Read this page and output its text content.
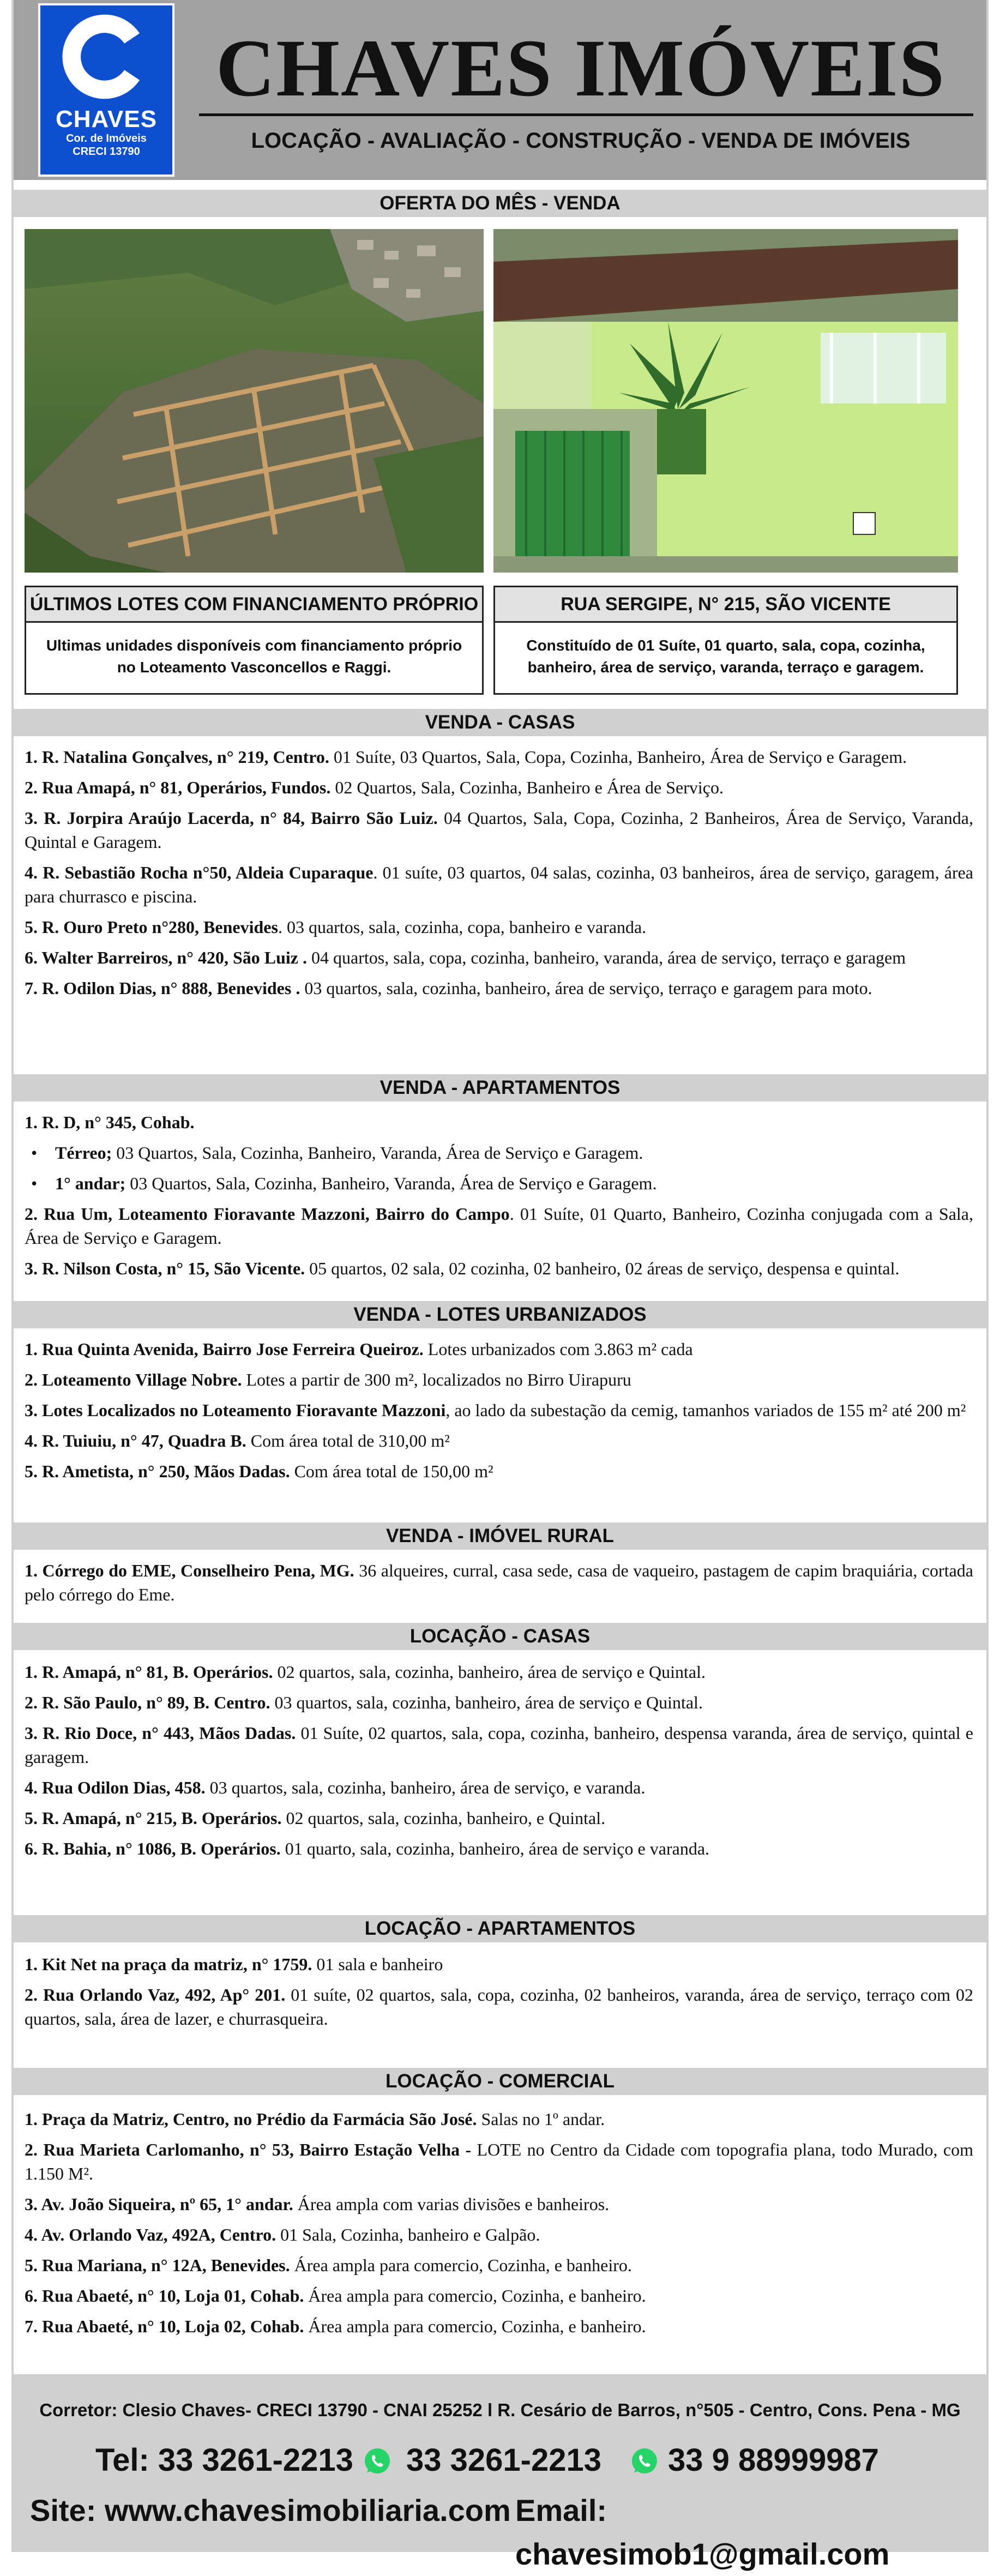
CHAVES
Cor. de Imóveis
CRECI 13790
CHAVES IMÓVEIS
LOCAÇÃO - AVALIAÇÃO - CONSTRUÇÃO - VENDA DE IMÓVEIS
OFERTA DO MÊS - VENDA
ÚLTIMOS LOTES COM FINANCIAMENTO PRÓPRIO
Ultimas unidades disponíveis com financiamento próprio no Loteamento Vasconcellos e Raggi.
RUA SERGIPE, N° 215, SÃO VICENTE
Constituído de 01 Suíte, 01 quarto, sala, copa, cozinha, banheiro, área de serviço, varanda, terraço e garagem.
VENDA - CASAS
1. R. Natalina Gonçalves, n° 219, Centro. 01 Suíte, 03 Quartos, Sala, Copa, Cozinha, Banheiro, Área de Serviço e Garagem.
2. Rua Amapá, n° 81, Operários, Fundos. 02 Quartos, Sala, Cozinha, Banheiro e Área de Serviço.
3. R. Jorpira Araújo Lacerda, n° 84, Bairro São Luiz. 04 Quartos, Sala, Copa, Cozinha, 2 Banheiros, Área de Serviço, Varanda, Quintal e Garagem.
4. R. Sebastião Rocha n°50, Aldeia Cuparaque. 01 suíte, 03 quartos, 04 salas, cozinha, 03 banheiros, área de serviço, garagem, área para churrasco e piscina.
5. R. Ouro Preto n°280, Benevides. 03 quartos, sala, cozinha, copa, banheiro e varanda.
6. Walter Barreiros, n° 420, São Luiz . 04 quartos, sala, copa, cozinha, banheiro, varanda, área de serviço, terraço e garagem
7. R. Odilon Dias, n° 888, Benevides . 03 quartos, sala, cozinha, banheiro, área de serviço, terraço e garagem para moto.
VENDA - APARTAMENTOS
1. R. D, n° 345, Cohab.
• Térreo; 03 Quartos, Sala, Cozinha, Banheiro, Varanda, Área de Serviço e Garagem.
• 1° andar; 03 Quartos, Sala, Cozinha, Banheiro, Varanda, Área de Serviço e Garagem.
2. Rua Um, Loteamento Fioravante Mazzoni, Bairro do Campo. 01 Suíte, 01 Quarto, Banheiro, Cozinha conjugada com a Sala, Área de Serviço e Garagem.
3. R. Nilson Costa, n° 15, São Vicente. 05 quartos, 02 sala, 02 cozinha, 02 banheiro, 02 áreas de serviço, despensa e quintal.
VENDA - LOTES URBANIZADOS
1. Rua Quinta Avenida, Bairro Jose Ferreira Queiroz. Lotes urbanizados com 3.863 m² cada
2. Loteamento Village Nobre. Lotes a partir de 300 m², localizados no Birro Uirapuru
3. Lotes Localizados no Loteamento Fioravante Mazzoni, ao lado da subestação da cemig, tamanhos variados de 155 m² até 200 m²
4. R. Tuiuiu, n° 47, Quadra B. Com área total de 310,00 m²
5. R. Ametista, n° 250, Mãos Dadas. Com área total de 150,00 m²
VENDA - IMÓVEL RURAL
1. Córrego do EME, Conselheiro Pena, MG. 36 alqueires, curral, casa sede, casa de vaqueiro, pastagem de capim braquiária, cortada pelo córrego do Eme.
LOCAÇÃO - CASAS
1. R. Amapá, n° 81, B. Operários. 02 quartos, sala, cozinha, banheiro, área de serviço e Quintal.
2. R. São Paulo, n° 89, B. Centro. 03 quartos, sala, cozinha, banheiro, área de serviço e Quintal.
3. R. Rio Doce, n° 443, Mãos Dadas. 01 Suíte, 02 quartos, sala, copa, cozinha, banheiro, despensa varanda, área de serviço, quintal e garagem.
4. Rua Odilon Dias, 458. 03 quartos, sala, cozinha, banheiro, área de serviço, e varanda.
5. R. Amapá, n° 215, B. Operários. 02 quartos, sala, cozinha, banheiro, e Quintal.
6. R. Bahia, n° 1086, B. Operários. 01 quarto, sala, cozinha, banheiro, área de serviço e varanda.
LOCAÇÃO - APARTAMENTOS
1. Kit Net na praça da matriz, n° 1759. 01 sala e banheiro
2. Rua Orlando Vaz, 492, Ap° 201. 01 suíte, 02 quartos, sala, copa, cozinha, 02 banheiros, varanda, área de serviço, terraço com 02 quartos, sala, área de lazer, e churrasqueira.
LOCAÇÃO - COMERCIAL
1. Praça da Matriz, Centro, no Prédio da Farmácia São José. Salas no 1º andar.
2. Rua Marieta Carlomanho, n° 53, Bairro Estação Velha - LOTE no Centro da Cidade com topografia plana, todo Murado, com 1.150 M².
3. Av. João Siqueira, nº 65, 1° andar. Área ampla com varias divisões e banheiros.
4. Av. Orlando Vaz, 492A, Centro. 01 Sala, Cozinha, banheiro e Galpão.
5. Rua Mariana, n° 12A, Benevides. Área ampla para comercio, Cozinha, e banheiro.
6. Rua Abaeté, n° 10, Loja 01, Cohab. Área ampla para comercio, Cozinha, e banheiro.
7. Rua Abaeté, n° 10, Loja 02, Cohab. Área ampla para comercio, Cozinha, e banheiro.
Corretor: Clesio Chaves- CRECI 13790 - CNAI 25252 l R. Cesário de Barros, n°505 - Centro, Cons. Pena - MG
Tel: 33 3261-2213 33 3261-2213 33 9 88999987
Site: www.chavesimobiliaria.com Email: chavesimob1@gmail.com
